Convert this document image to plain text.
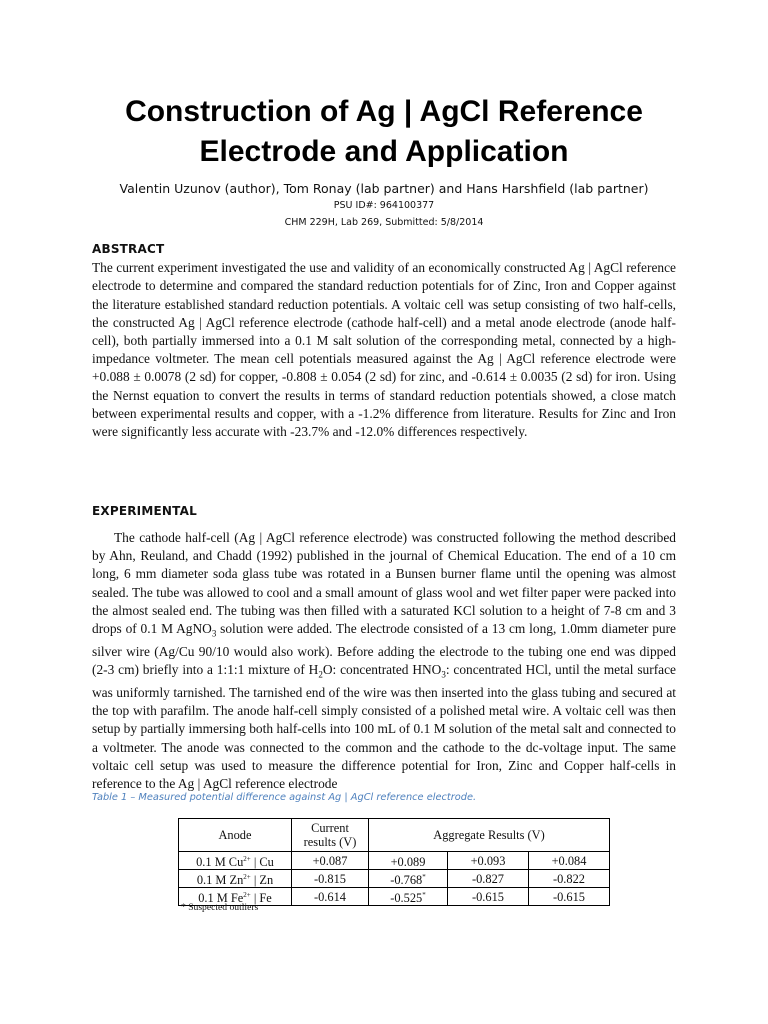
Construction of Ag | AgCl Reference
Electrode and Application
Valentin Uzunov (author), Tom Ronay (lab partner) and Hans Harshfield (lab partner)
PSU ID#: 964100377
CHM 229H, Lab 269, Submitted: 5/8/2014
ABSTRACT

The current experiment investigated the use and validity of an economically constructed Ag | AgCl reference electrode to determine and compared the standard reduction potentials for of Zinc, Iron and Copper against the literature established standard reduction potentials. A voltaic cell was setup consisting of two half-cells, the constructed Ag | AgCl reference electrode (cathode half-cell) and a metal anode electrode (anode half-cell), both partially immersed into a 0.1 M salt solution of the corresponding metal, connected by a high-impedance voltmeter. The mean cell potentials measured against the Ag | AgCl reference electrode were +0.088 ± 0.0078 (2 sd) for copper, -0.808 ± 0.054 (2 sd) for zinc, and -0.614 ± 0.0035 (2 sd) for iron. Using the Nernst equation to convert the results in terms of standard reduction potentials showed, a close match between experimental results and copper, with a -1.2% difference from literature. Results for Zinc and Iron were significantly less accurate with -23.7% and -12.0% differences respectively.

EXPERIMENTAL

The cathode half-cell (Ag | AgCl reference electrode) was constructed following the method described by Ahn, Reuland, and Chadd (1992) published in the journal of Chemical Education. The end of a 10 cm long, 6 mm diameter soda glass tube was rotated in a Bunsen burner flame until the opening was almost sealed. The tube was allowed to cool and a small amount of glass wool and wet filter paper were packed into the almost sealed end. The tubing was then filled with a saturated KCl solution to a height of 7-8 cm and 3 drops of 0.1 M AgNO$_3$ solution were added. The electrode consisted of a 13 cm long, 1.0mm diameter pure silver wire (Ag/Cu 90/10 would also work). Before adding the electrode to the tubing one end was dipped (2-3 cm) briefly into a 1:1:1 mixture of $H_2O$: concentrated $HNO_3$: concentrated HCl, until the metal surface was uniformly tarnished. The tarnished end of the wire was then inserted into the glass tubing and secured at the top with parafilm. The anode half-cell simply consisted of a polished metal wire. A voltaic cell was then setup by partially immersing both half-cells into 100 mL of 0.1 M solution of the metal salt and connected to a voltmeter. The anode was connected to the common and the cathode to the dc-voltage input. The same voltaic cell setup was used to measure the difference potential for Iron, Zinc and Copper half-cells in reference to the Ag | AgCl reference electrode

Table 1 – Measured potential difference against Ag | AgCl reference electrode.
Anode	Current results (V)	Aggregate Results (V)		
0.1 M $Cu^{2+}$ | Cu	+0.087	+0.089	+0.093	+0.084
0.1 M $Zn^{2+}$ | Zn	-0.815	-0.768*	-0.827	-0.822
0.1 M $Fe^{2+}$ | Fe	-0.614	-0.525*	-0.615	-0.615
* Suspected outliers
